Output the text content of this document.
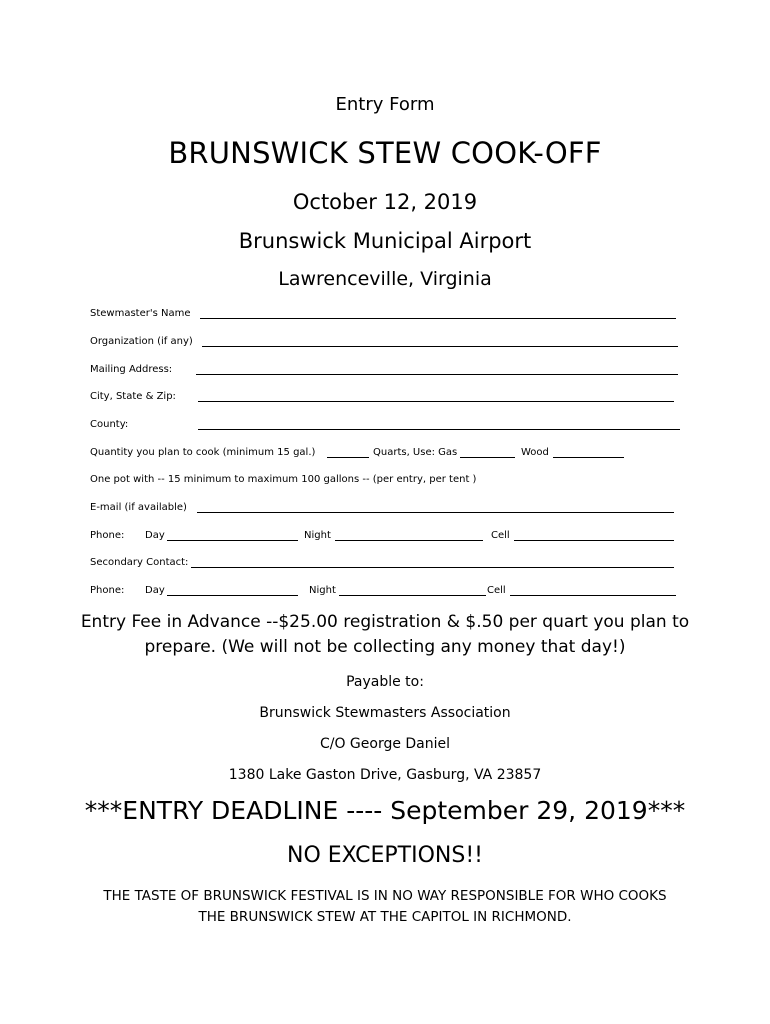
Entry Form
BRUNSWICK STEW COOK-OFF
October 12, 2019
Brunswick Municipal Airport
Lawrenceville, Virginia
Stewmaster's Name
Organization (if any)
Mailing Address:
City, State & Zip:
County:
Quantity you plan to cook (minimum 15 gal.)	Quarts, Use: Gas	Wood
One pot with -- 15 minimum to maximum 100 gallons -- (per entry, per tent )
E-mail (if available)
Phone: Day	Night	Cell
Secondary Contact:
Phone: Day	Night	Cell
Entry Fee in Advance --$25.00 registration & $.50 per quart you plan to
prepare. (We will not be collecting any money that day!)
Payable to:
Brunswick Stewmasters Association
C/O George Daniel
1380 Lake Gaston Drive, Gasburg, VA 23857
***ENTRY DEADLINE ---- September 29, 2019***
NO EXCEPTIONS!!
THE TASTE OF BRUNSWICK FESTIVAL IS IN NO WAY RESPONSIBLE FOR WHO COOKS THE BRUNSWICK STEW AT THE CAPITOL IN RICHMOND.
